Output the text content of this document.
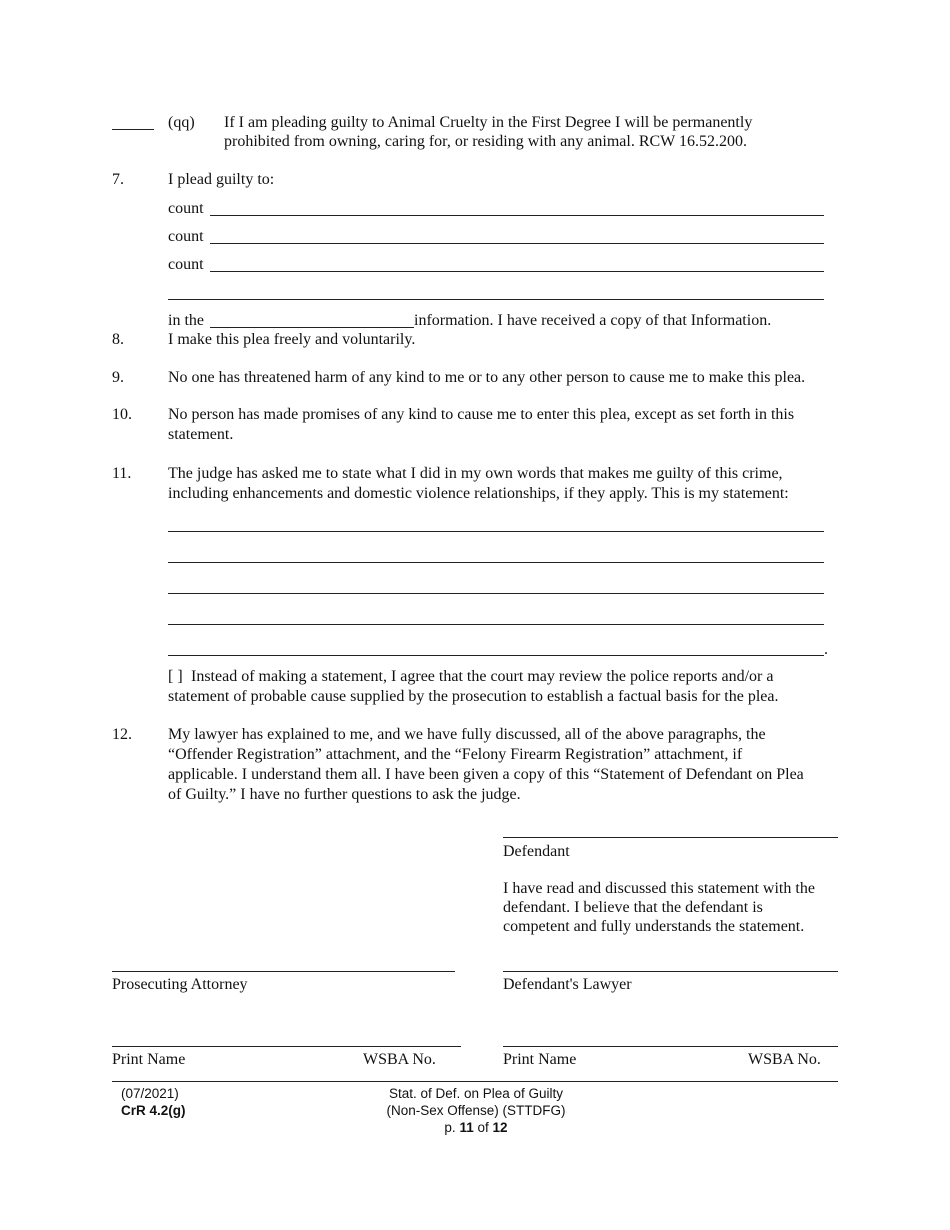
(qq) If I am pleading guilty to Animal Cruelty in the First Degree I will be permanently
prohibited from owning, caring for, or residing with any animal. RCW 16.52.200.
7.	I plead guilty to:
count
count
count
in the	information. I have received a copy of that Information.
8.	I make this plea freely and voluntarily.
9.	No one has threatened harm of any kind to me or to any other person to cause me to make this plea.
10. No person has made promises of any kind to cause me to enter this plea, except as set forth in this
statement.
11. The judge has asked me to state what I did in my own words that makes me guilty of this crime,
including enhancements and domestic violence relationships, if they apply. This is my statement:
.
[ ] Instead of making a statement, I agree that the court may review the police reports and/or a
statement of probable cause supplied by the prosecution to establish a factual basis for the plea.
12. My lawyer has explained to me, and we have fully discussed, all of the above paragraphs, the
“Offender Registration” attachment, and the “Felony Firearm Registration” attachment, if
applicable. I understand them all. I have been given a copy of this “Statement of Defendant on Plea
of Guilty.” I have no further questions to ask the judge.
Defendant
I have read and discussed this statement with the
defendant. I believe that the defendant is
competent and fully understands the statement.
Prosecuting Attorney	Defendant's Lawyer
Print Name	WSBA No.	Print Name	WSBA No.
(07/2021)
CrR 4.2(g)
Stat. of Def. on Plea of Guilty
(Non-Sex Offense) (STTDFG)
p. 11 of 12
